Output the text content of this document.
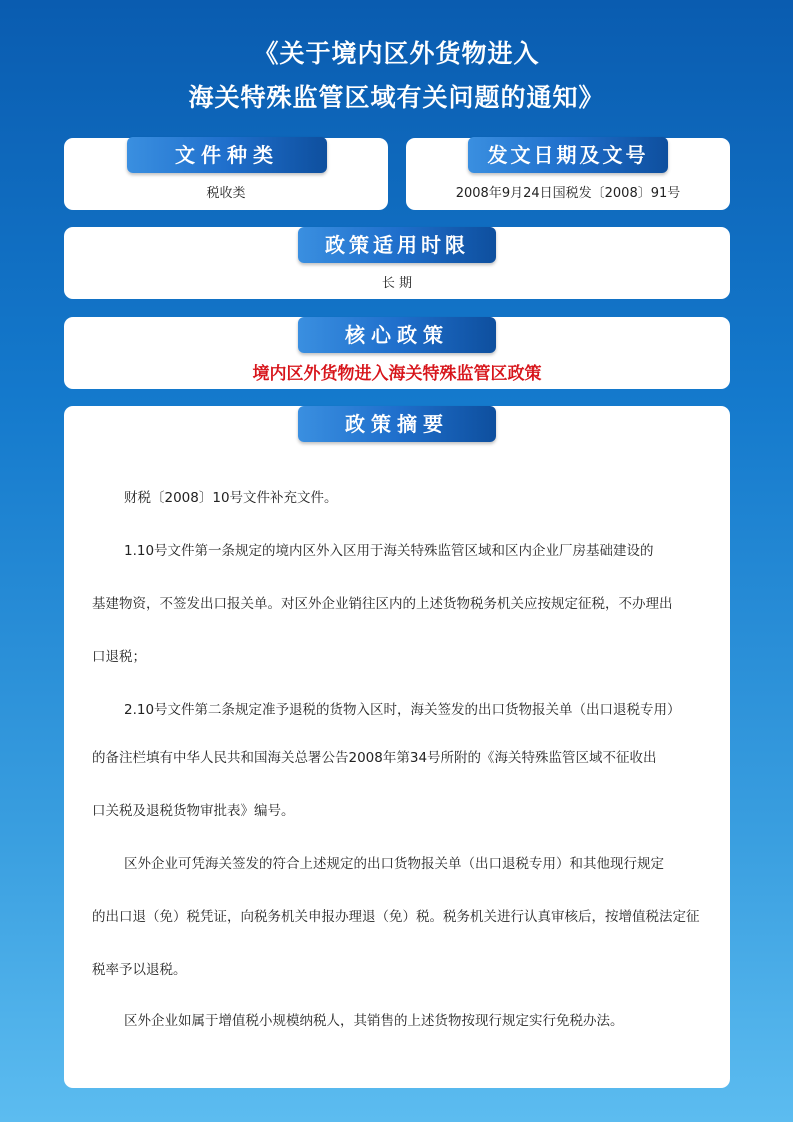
《关于境内区外货物进入
海关特殊监管区域有关问题的通知》
文件种类
税收类
发文日期及文号
2008年9月24日国税发〔2008〕91号
政策适用时限
长 期
核心政策
境内区外货物进入海关特殊监管区政策
政策摘要

财税〔2008〕10号文件补充文件。

1.10号文件第一条规定的境内区外入区用于海关特殊监管区域和区内企业厂房基础建设的

基建物资，不签发出口报关单。对区外企业销往区内的上述货物税务机关应按规定征税，不办理出

口退税；

2.10号文件第二条规定准予退税的货物入区时，海关签发的出口货物报关单（出口退税专用）

的备注栏填有中华人民共和国海关总署公告2008年第34号所附的《海关特殊监管区域不征收出

口关税及退税货物审批表》编号。

区外企业可凭海关签发的符合上述规定的出口货物报关单（出口退税专用）和其他现行规定

的出口退（免）税凭证，向税务机关申报办理退（免）税。税务机关进行认真审核后，按增值税法定征

税率予以退税。

区外企业如属于增值税小规模纳税人，其销售的上述货物按现行规定实行免税办法。
